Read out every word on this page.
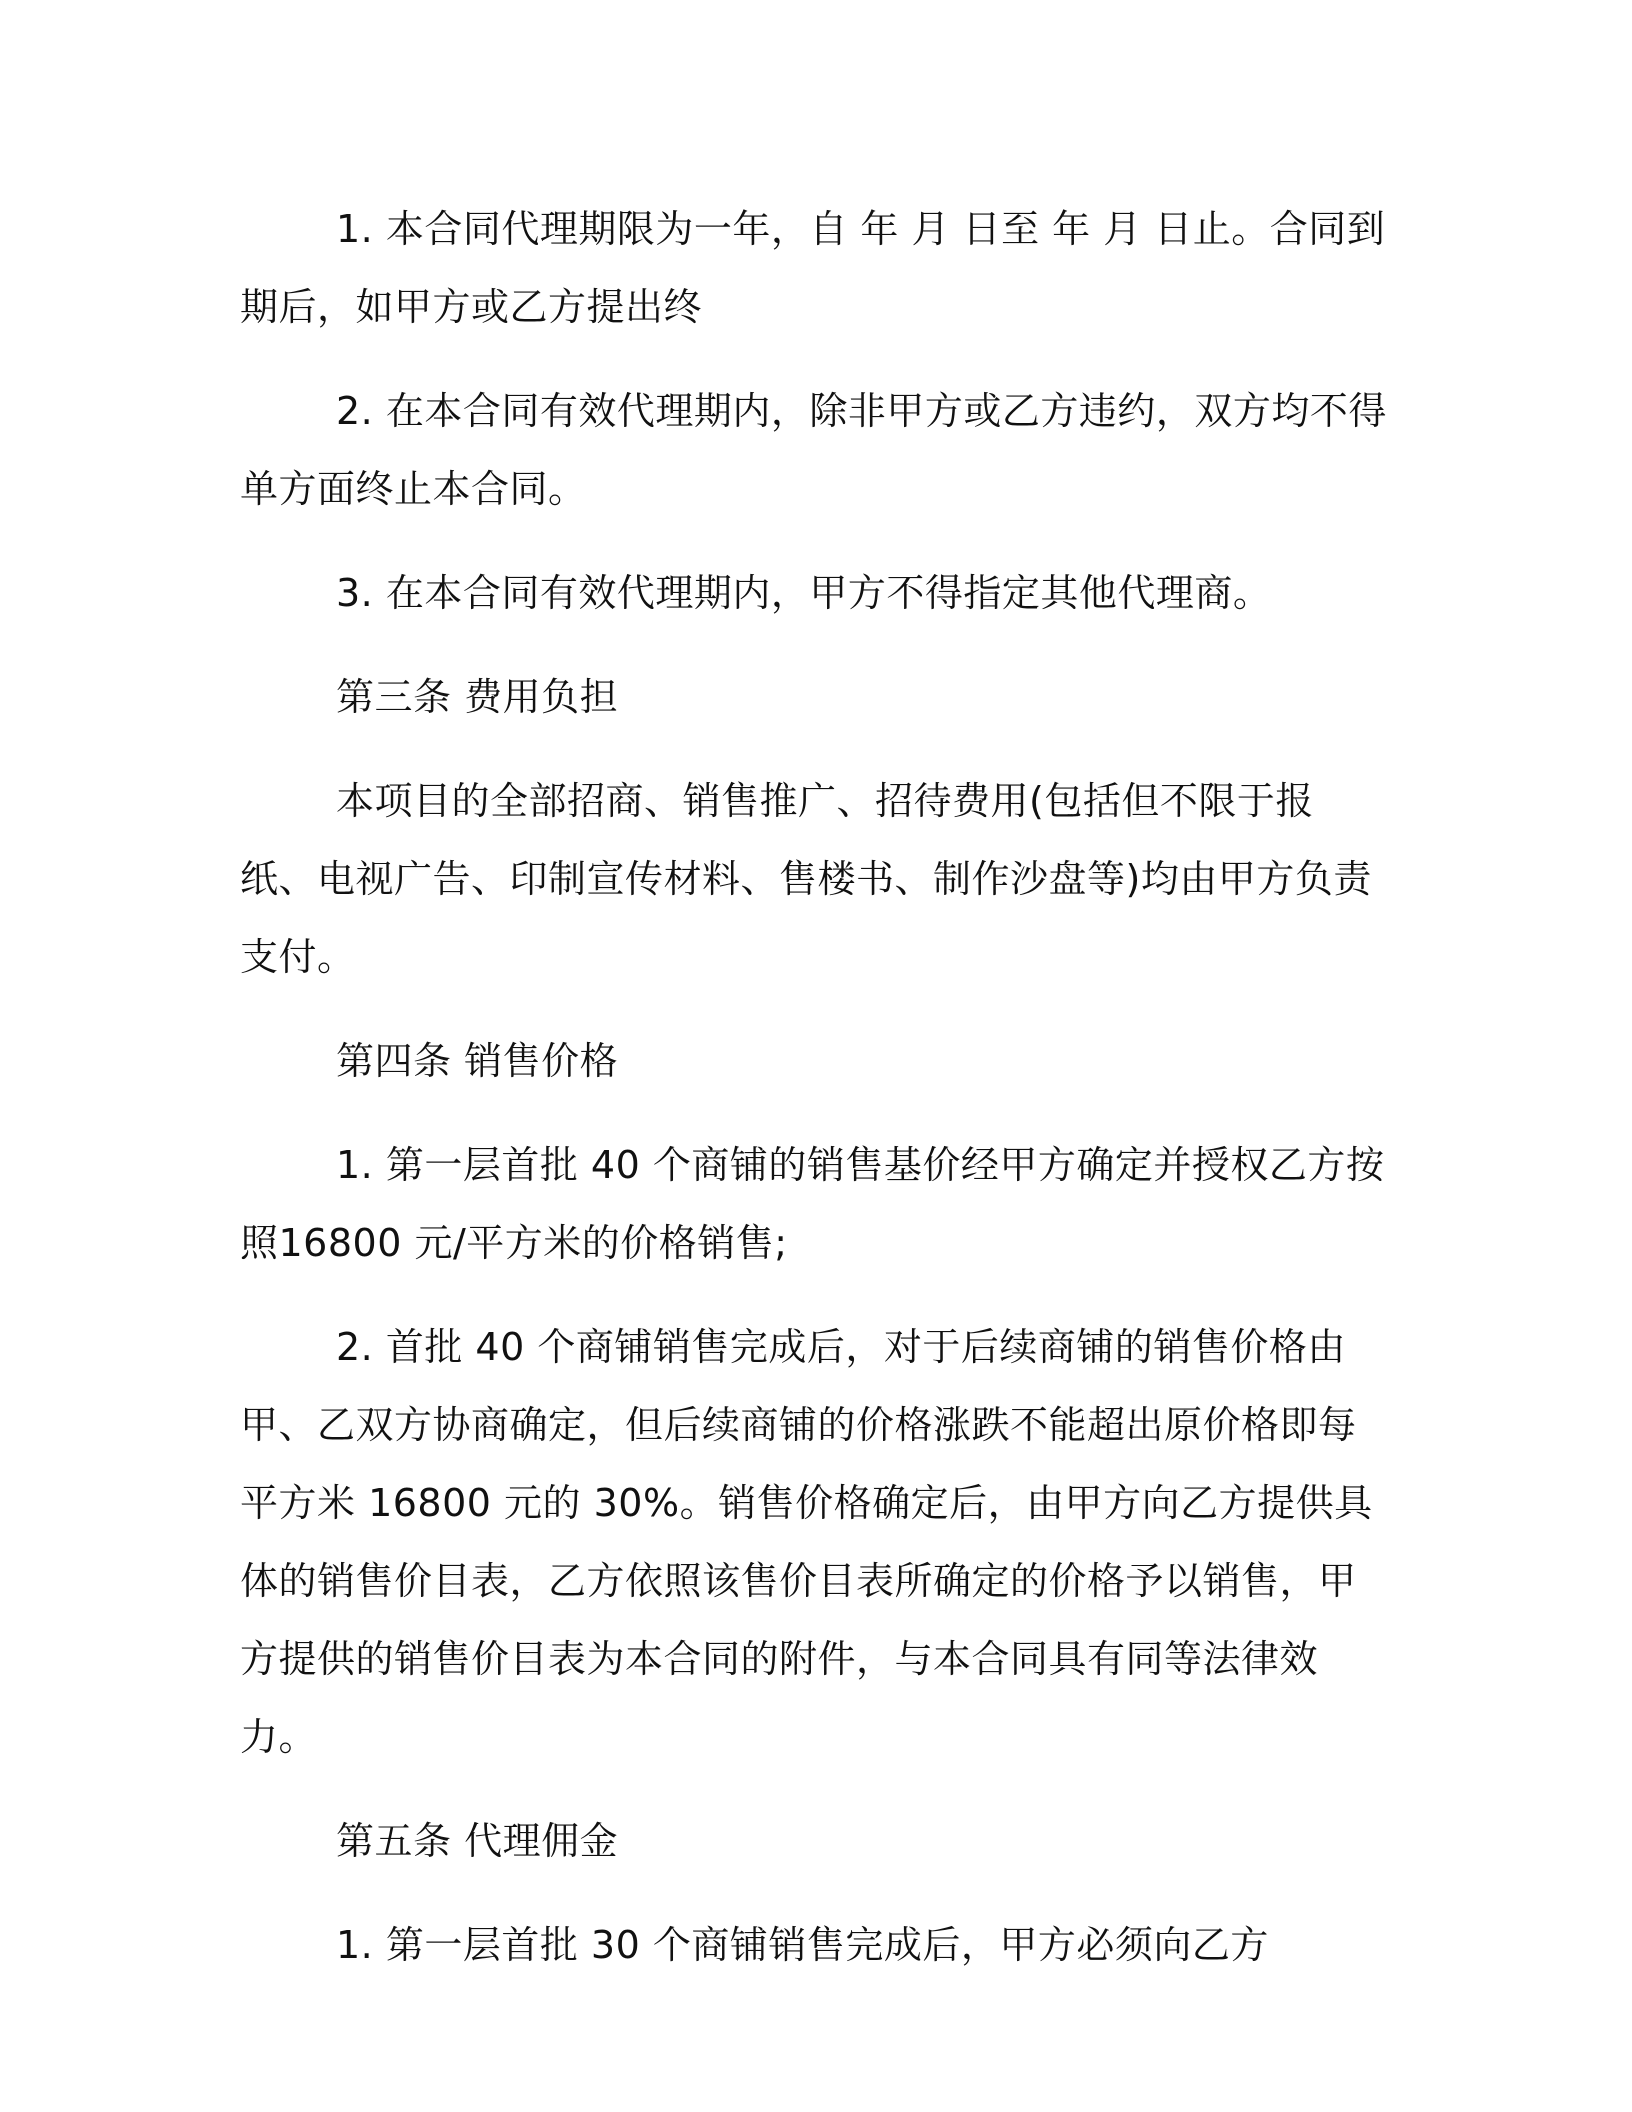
1. 本合同代理期限为一年，自 年 月 日至 年 月 日止。合同到期后，如甲方或乙方提出终

2. 在本合同有效代理期内，除非甲方或乙方违约，双方均不得单方面终止本合同。

3. 在本合同有效代理期内，甲方不得指定其他代理商。

第三条 费用负担

本项目的全部招商、销售推广、招待费用(包括但不限于报纸、电视广告、印制宣传材料、售楼书、制作沙盘等)均由甲方负责支付。

第四条 销售价格

1. 第一层首批 40 个商铺的销售基价经甲方确定并授权乙方按照16800 元/平方米的价格销售;

2. 首批 40 个商铺销售完成后，对于后续商铺的销售价格由甲、乙双方协商确定，但后续商铺的价格涨跌不能超出原价格即每平方米 16800 元的 30%。销售价格确定后，由甲方向乙方提供具体的销售价目表，乙方依照该售价目表所确定的价格予以销售，甲方提供的销售价目表为本合同的附件，与本合同具有同等法律效力。

第五条 代理佣金

1. 第一层首批 30 个商铺销售完成后，甲方必须向乙方
